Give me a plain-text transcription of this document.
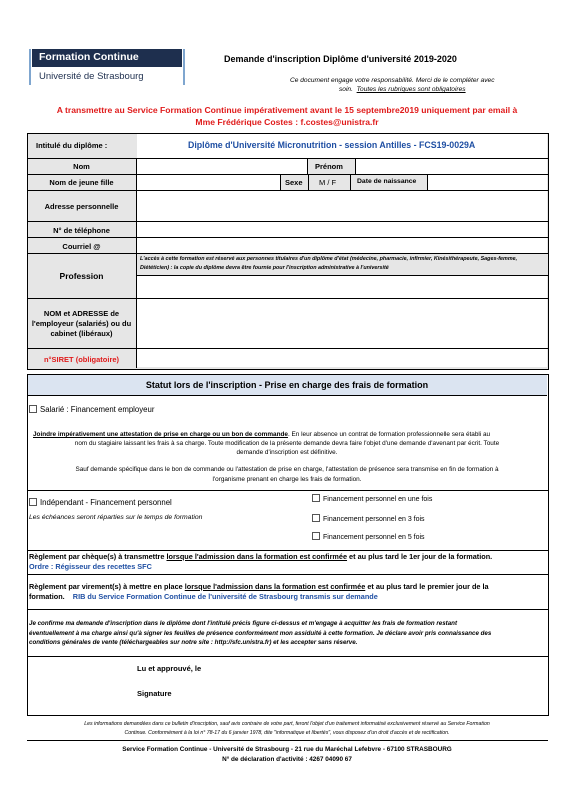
Formation Continue
Université de Strasbourg
Demande d'inscription Diplôme d'université 2019-2020
Ce document engage votre responsabilité. Merci de le compléter avec
soin. Toutes les rubriques sont obligatoires
A transmettre au Service Formation Continue impérativement avant le 15 septembre2019 uniquement par email à
Mme Frédérique Costes : f.costes@unistra.fr
Intitulé du diplôme :	Diplôme d'Université Micronutrition - session Antilles - FCS19-0029A
Nom	Prénom
Nom de jeune fille	Sexe M / F	Date de naissance
Adresse personnelle
N° de téléphone
Courriel @
Profession
L'accès à cette formation est réservé aux personnes titulaires d'un diplôme d'état (médecine, pharmacie, infirmier, Kinésithérapeute, Sages-femme, Diététicien) : la copie du diplôme devra être fournie pour l'inscription administrative à l'université
NOM et ADRESSE de
l'employeur (salariés) ou du
cabinet (libéraux)
n°SIRET (obligatoire)
Statut lors de l'inscription - Prise en charge des frais de formation
Salarié : Financement employeur
Joindre impérativement une attestation de prise en charge ou un bon de commande. En leur absence un contrat de formation professionnelle sera établi au
nom du stagiaire laissant les frais à sa charge. Toute modification de la présente demande devra faire l'objet d'une demande d'avenant par écrit. Toute
demande d'inscription est définitive.
Sauf demande spécifique dans le bon de commande ou l'attestation de prise en charge, l'attestation de présence sera transmise en fin de formation à
l'organisme prenant en charge les frais de formation.
Indépendant - Financement personnel
Les échéances seront réparties sur le temps de formation
Financement personnel en une fois
Financement personnel en 3 fois
Financement personnel en 5 fois
Règlement par chèque(s) à transmettre lorsque l'admission dans la formation est confirmée et au plus tard le 1er jour de la formation.
Ordre : Régisseur des recettes SFC
Règlement par virement(s) à mettre en place lorsque l'admission dans la formation est confirmée et au plus tard le premier jour de la
formation. RIB du Service Formation Continue de l'université de Strasbourg transmis sur demande
Je confirme ma demande d'inscription dans le diplôme dont l'intitulé précis figure ci-dessus et m'engage à acquitter les frais de formation restant
éventuellement à ma charge ainsi qu'à signer les feuilles de présence conformément mon assiduité à cette formation. Je déclare avoir pris connaissance des
conditions générales de vente (téléchargeables sur notre site : http://sfc.unistra.fr) et les accepter sans réserve.
Lu et approuvé, le
Signature
Les informations demandées dans ce bulletin d'inscription, sauf avis contraire de votre part, feront l'objet d'un traitement informatisé exclusivement réservé au Service Formation
Continue. Conformément à la loi n° 78-17 du 6 janvier 1978, dite "informatique et libertés", vous disposez d'un droit d'accès et de rectification.
Service Formation Continue - Université de Strasbourg - 21 rue du Maréchal Lefebvre - 67100 STRASBOURG
N° de déclaration d'activité : 4267 04090 67
